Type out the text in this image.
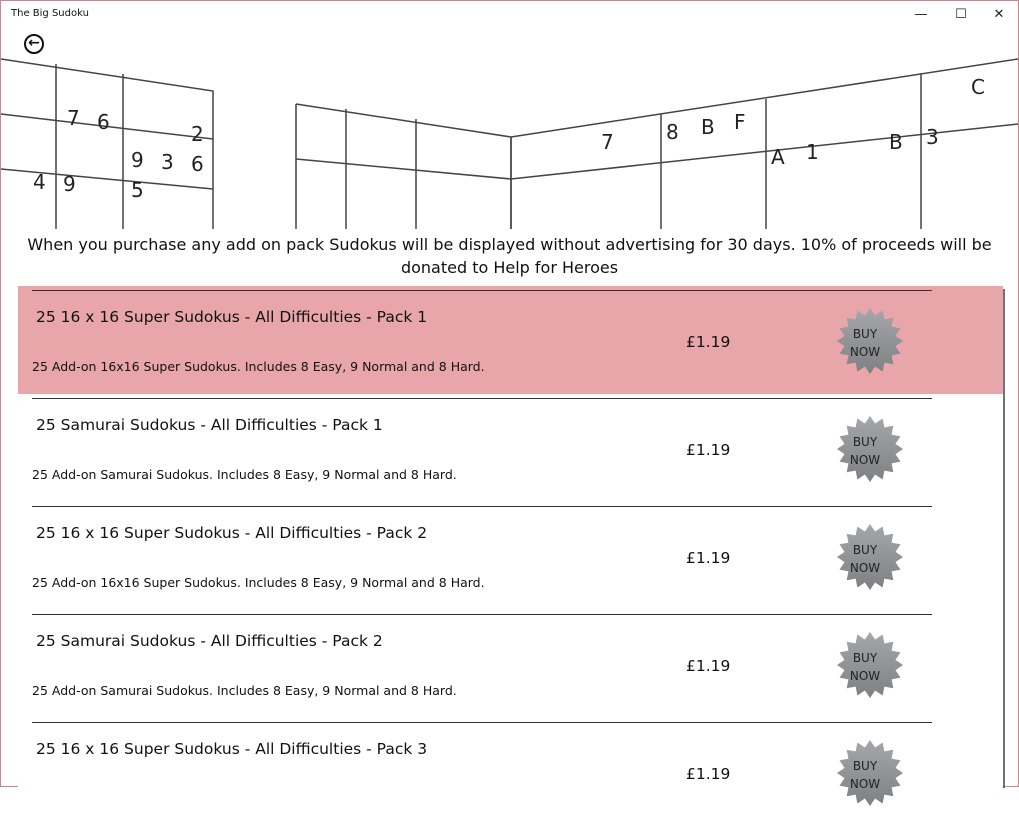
7 6	2
9 3 6
4 9	5
7	8 B F
C
A 1	B 3
The Big Sudoku	—	☐	✕
←
When you purchase any add on pack Sudokus will be displayed without advertising for 30 days. 10% of proceeds will be donated to Help for Heroes
25 16 x 16 Super Sudokus - All Difficulties - Pack 1
25 Add-on 16x16 Super Sudokus. Includes 8 Easy, 9 Normal and 8 Hard.
£1.19	BUY
NOW
25 Samurai Sudokus - All Difficulties - Pack 1
25 Add-on Samurai Sudokus. Includes 8 Easy, 9 Normal and 8 Hard.
£1.19	BUY
NOW
25 16 x 16 Super Sudokus - All Difficulties - Pack 2
25 Add-on 16x16 Super Sudokus. Includes 8 Easy, 9 Normal and 8 Hard.
£1.19	BUY
NOW
25 Samurai Sudokus - All Difficulties - Pack 2
25 Add-on Samurai Sudokus. Includes 8 Easy, 9 Normal and 8 Hard.
£1.19	BUY
NOW
25 16 x 16 Super Sudokus - All Difficulties - Pack 3
£1.19	BUY
NOW
